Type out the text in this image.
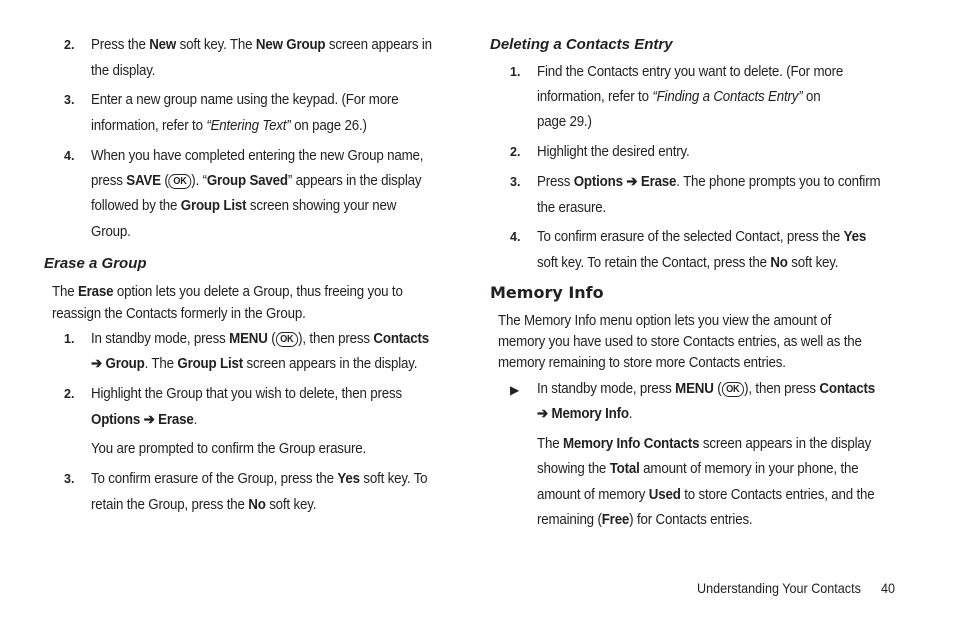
2. Press the New soft key. The New Group screen appears in
the display.
3. Enter a new group name using the keypad. (For more
information, refer to “Entering Text” on page 26.)
4. When you have completed entering the new Group name,
press SAVE ( OK ). “Group Saved” appears in the display
followed by the Group List screen showing your new
Group.
Erase a Group
The Erase option lets you delete a Group, thus freeing you to
reassign the Contacts formerly in the Group.
1. In standby mode, press MENU ( OK ), then press Contacts
➔ Group. The Group List screen appears in the display.
2. Highlight the Group that you wish to delete, then press
Options ➔ Erase.
You are prompted to confirm the Group erasure.
3. To confirm erasure of the Group, press the Yes soft key. To
retain the Group, press the No soft key.
Deleting a Contacts Entry
1. Find the Contacts entry you want to delete. (For more
information, refer to “Finding a Contacts Entry” on
page 29.)
2. Highlight the desired entry.
3. Press Options ➔ Erase. The phone prompts you to confirm
the erasure.
4. To confirm erasure of the selected Contact, press the Yes
soft key. To retain the Contact, press the No soft key.
Memory Info
The Memory Info menu option lets you view the amount of
memory you have used to store Contacts entries, as well as the
memory remaining to store more Contacts entries.
▶ In standby mode, press MENU ( OK ), then press Contacts
➔ Memory Info.
The Memory Info Contacts screen appears in the display
showing the Total amount of memory in your phone, the
amount of memory Used to store Contacts entries, and the
remaining (Free) for Contacts entries.
Understanding Your Contacts 40
